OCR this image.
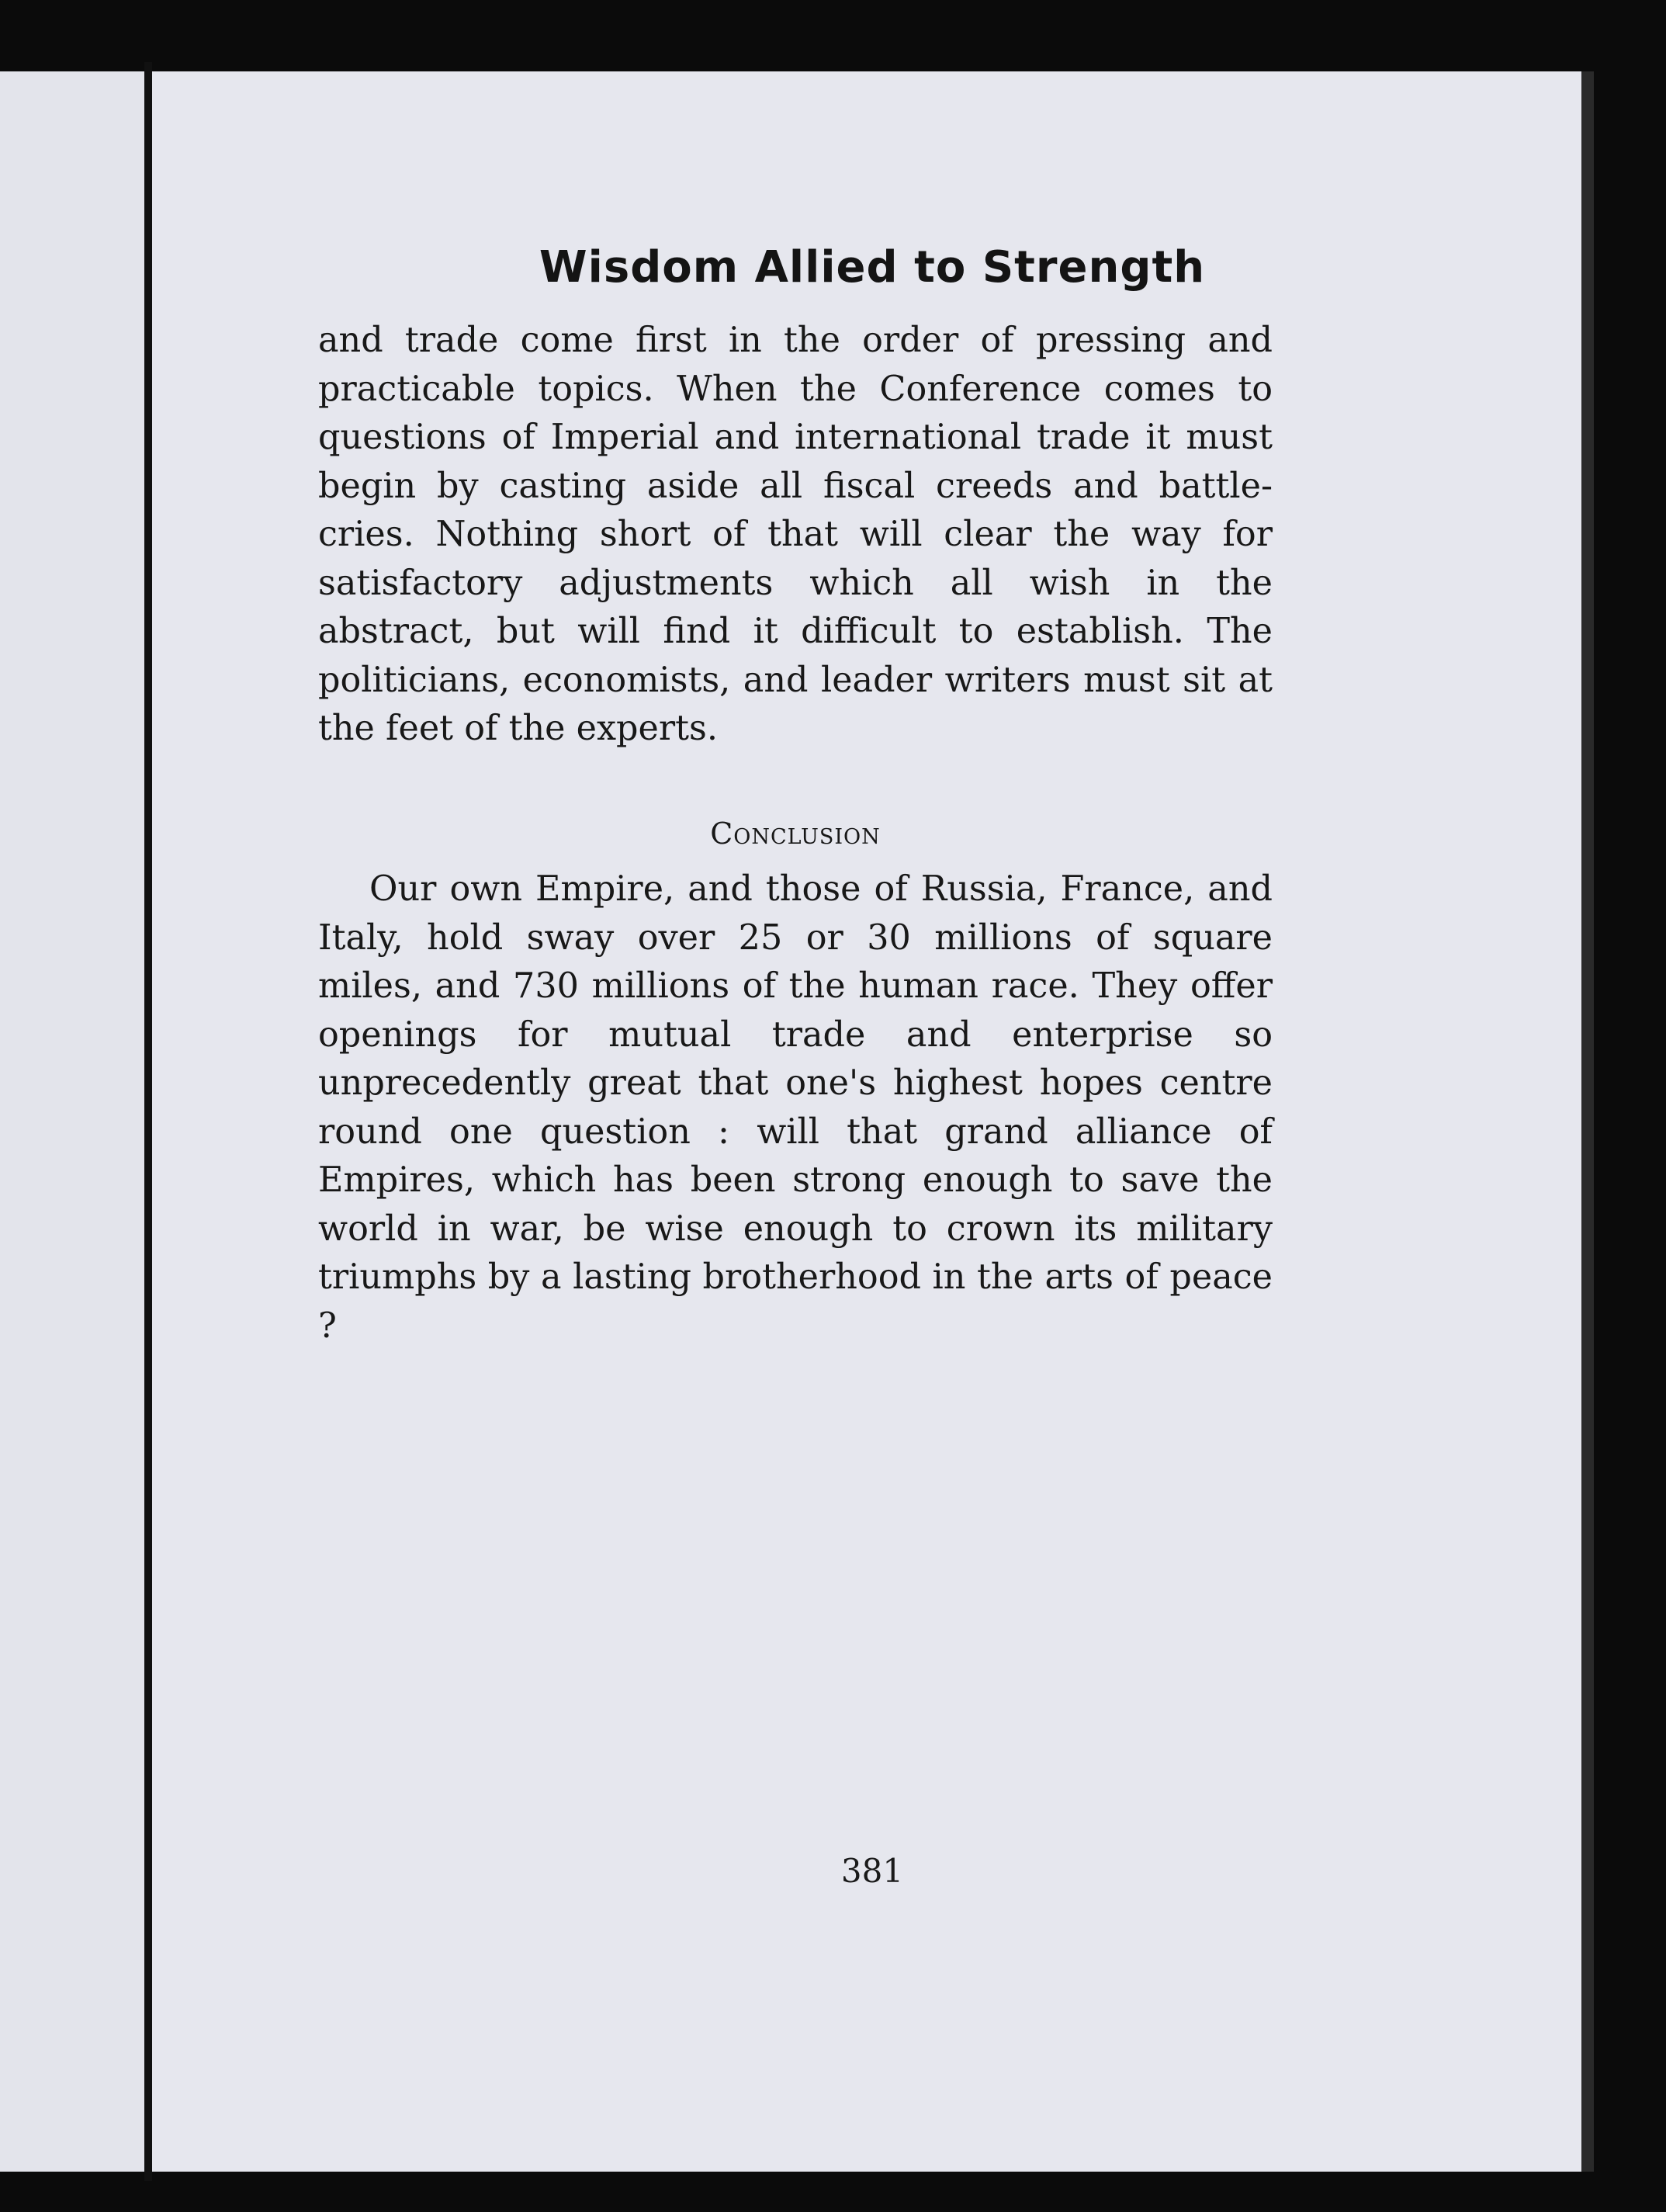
Wisdom Allied to Strength

and trade come first in the order of pressing and practicable topics. When the Conference comes to questions of Imperial and international trade it must begin by casting aside all fiscal creeds and battle-cries. Nothing short of that will clear the way for satisfactory adjustments which all wish in the abstract, but will find it difficult to establish. The politicians, economists, and leader writers must sit at the feet of the experts.

Conclusion

Our own Empire, and those of Russia, France, and Italy, hold sway over 25 or 30 millions of square miles, and 730 millions of the human race. They offer openings for mutual trade and enterprise so unprecedently great that one's highest hopes centre round one question : will that grand alliance of Empires, which has been strong enough to save the world in war, be wise enough to crown its military triumphs by a lasting brotherhood in the arts of peace ?

381
